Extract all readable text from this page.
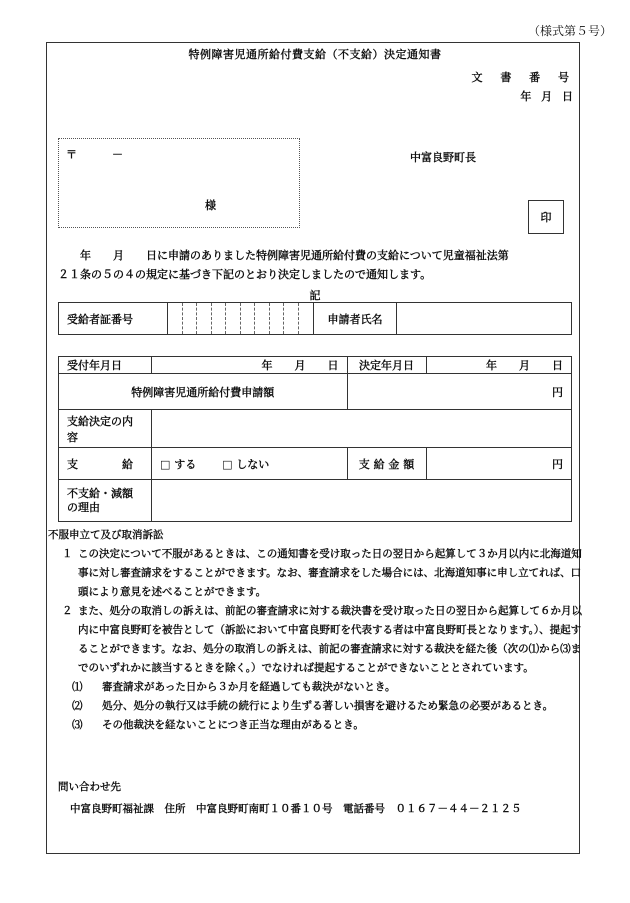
（様式第５号）
特例障害児通所給付費支給（不支給）決定通知書
文 書 番 号
年 月 日
〒	－
様
中富良野町長
印
　　年　　月　　日に申請のありました特例障害児通所給付費の支給について児童福祉法第
２１条の５の４の規定に基づき下記のとおり決定しましたので通知します。
記
受給者証番号		申請者氏名	
受付年月日	年　　月　　日	決定年月日	年　　月　　日
特例障害児通所給付費申請額		円	
支給決定の内容			
支　　　　給	□ する □ しない	支 給 金 額	円

不支給・減額
の理由			

不服申立て及び取消訴訟
１ この決定について不服があるときは、この通知書を受け取った日の翌日から起算して３か月以内に北海道知事に対し審査請求をすることができます。なお、審査請求をした場合には、北海道知事に申し立てれば、口頭により意見を述べることができます。
２ また、処分の取消しの訴えは、前記の審査請求に対する裁決書を受け取った日の翌日から起算して６か月以内に中富良野町を被告として（訴訟において中富良野町を代表する者は中富良野町長となります。）、提起することができます。なお、処分の取消しの訴えは、前記の審査請求に対する裁決を経た後（次の⑴から⑶までのいずれかに該当するときを除く。）でなければ提起することができないこととされています。
⑴ 審査請求があった日から３か月を経過しても裁決がないとき。
⑵ 処分、処分の執行又は手続の続行により生ずる著しい損害を避けるため緊急の必要があるとき。
⑶ その他裁決を経ないことにつき正当な理由があるとき。
問い合わせ先
中富良野町福祉課　住所　中富良野町南町１０番１０号　電話番号　０１６７－４４－２１２５
